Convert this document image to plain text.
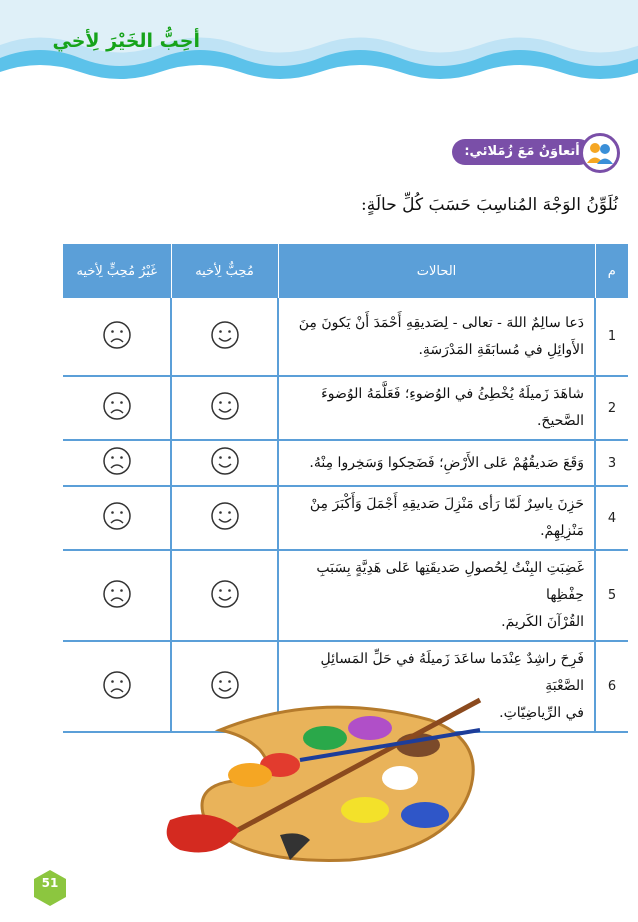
أحِبُّ الخَيْرَ لِأخي
أتعاوَنُ مَعَ زُمَلائي:
نُلَوِّنُ الوَجْهَ المُناسِبَ حَسَبَ كُلِّ حالَةٍ:
م	الحالات	مُحِبٌّ لِأخيه	غَيْرُ مُحِبٍّ لِأخيه
1	دَعا سالِمٌ اللهَ - تعالى - لِصَديقِهِ أَحْمَدَ أَنْ يَكونَ مِنَ
الأَوائِلِ في مُسابَقَةِ المَدْرَسَةِ.		
2	شاهَدَ زَميلَهُ يُخْطِئُ في الوُضوءِ؛ فَعَلَّمَهُ الوُضوءَ الصَّحيحَ.		
3	وَقَعَ صَديقُهُمْ عَلى الأَرْضِ؛ فَضَحِكوا وَسَخِروا مِنْهُ.		
4	حَزِنَ ياسِرٌ لَمّا رَأى مَنْزِلَ صَديقِهِ أَجْمَلَ وَأَكْبَرَ مِنْ مَنْزِلِهِمْ.		
5	غَضِبَتِ البِنْتُ لِحُصولِ صَديقَتِها عَلى هَدِيَّةٍ بِسَبَبِ حِفْظِها
القُرْآنَ الكَريمَ.		
6	فَرِحَ راشِدٌ عِنْدَما ساعَدَ زَميلَهُ في حَلِّ المَسائِلِ الصَّعْبَةِ
في الرِّياضِيّاتِ.		
51
